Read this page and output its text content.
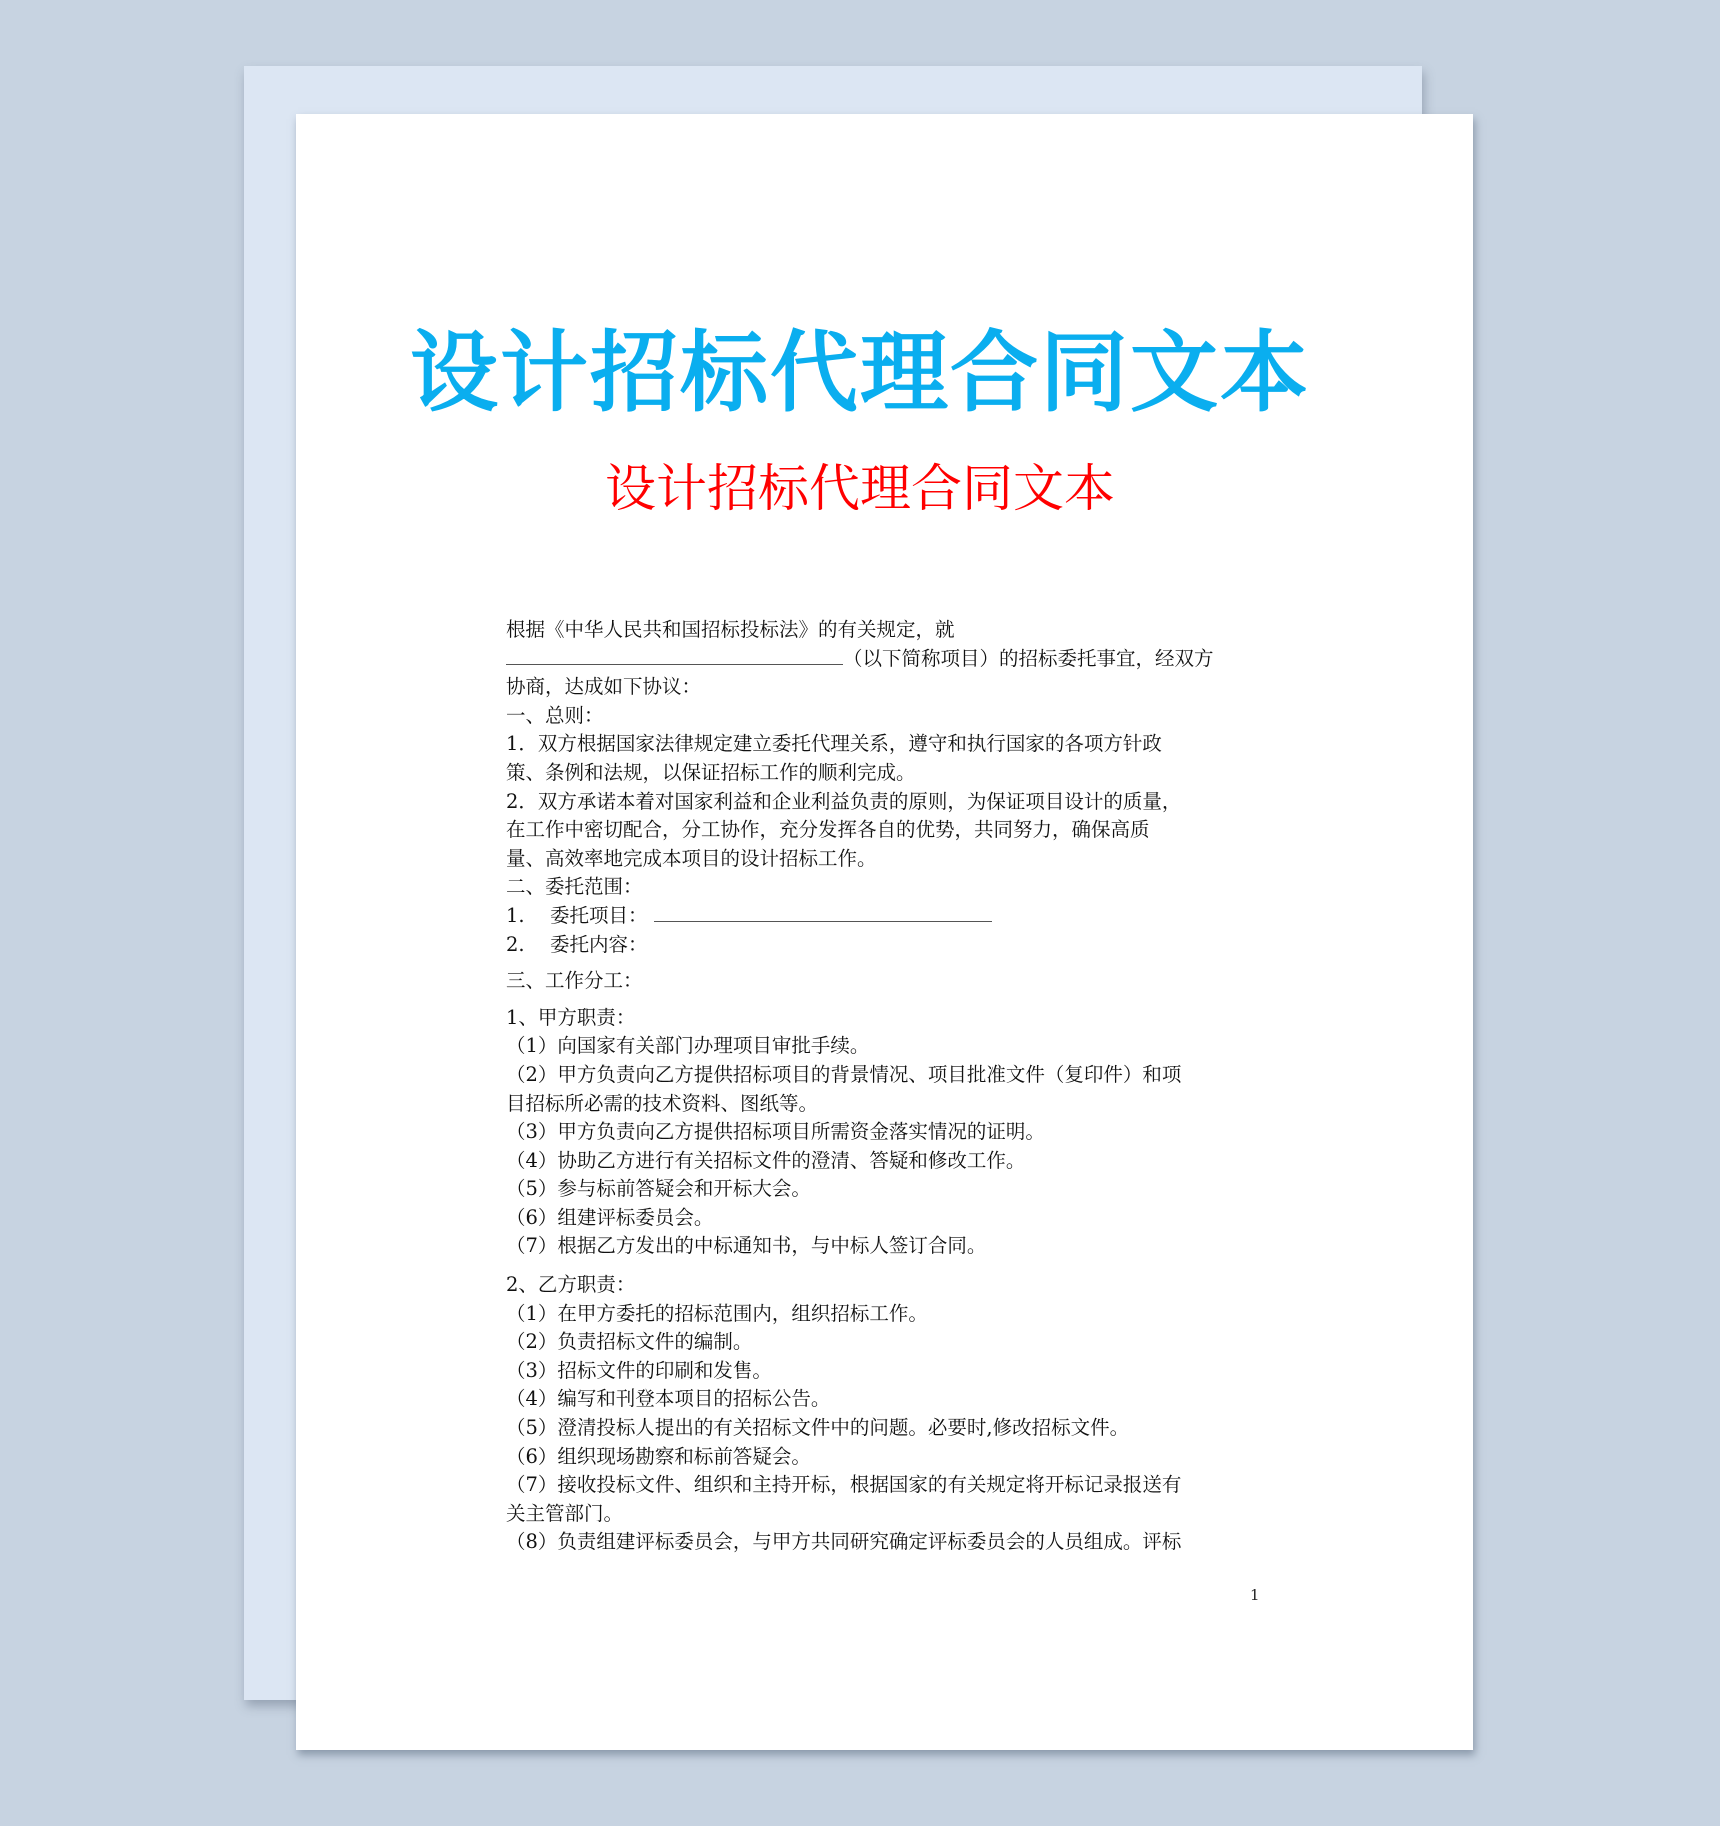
设计招标代理合同文本
设计招标代理合同文本
根据《中华人民共和国招标投标法》的有关规定，就
（以下简称项目）的招标委托事宜，经双方
协商，达成如下协议：
一、总则：
1．双方根据国家法律规定建立委托代理关系，遵守和执行国家的各项方针政
策、条例和法规，以保证招标工作的顺利完成。
2．双方承诺本着对国家利益和企业利益负责的原则，为保证项目设计的质量，
在工作中密切配合，分工协作，充分发挥各自的优势，共同努力，确保高质
量、高效率地完成本项目的设计招标工作。
二、委托范围：
1. 委托项目：
2. 委托内容：
三、工作分工：
1、甲方职责：
（1）向国家有关部门办理项目审批手续。
（2）甲方负责向乙方提供招标项目的背景情况、项目批准文件（复印件）和项
目招标所必需的技术资料、图纸等。
（3）甲方负责向乙方提供招标项目所需资金落实情况的证明。
（4）协助乙方进行有关招标文件的澄清、答疑和修改工作。
（5）参与标前答疑会和开标大会。
（6）组建评标委员会。
（7）根据乙方发出的中标通知书，与中标人签订合同。
2、乙方职责：
（1）在甲方委托的招标范围内，组织招标工作。
（2）负责招标文件的编制。
（3）招标文件的印刷和发售。
（4）编写和刊登本项目的招标公告。
（5）澄清投标人提出的有关招标文件中的问题。必要时,修改招标文件。
（6）组织现场勘察和标前答疑会。
（7）接收投标文件、组织和主持开标，根据国家的有关规定将开标记录报送有
关主管部门。
（8）负责组建评标委员会，与甲方共同研究确定评标委员会的人员组成。评标
1
